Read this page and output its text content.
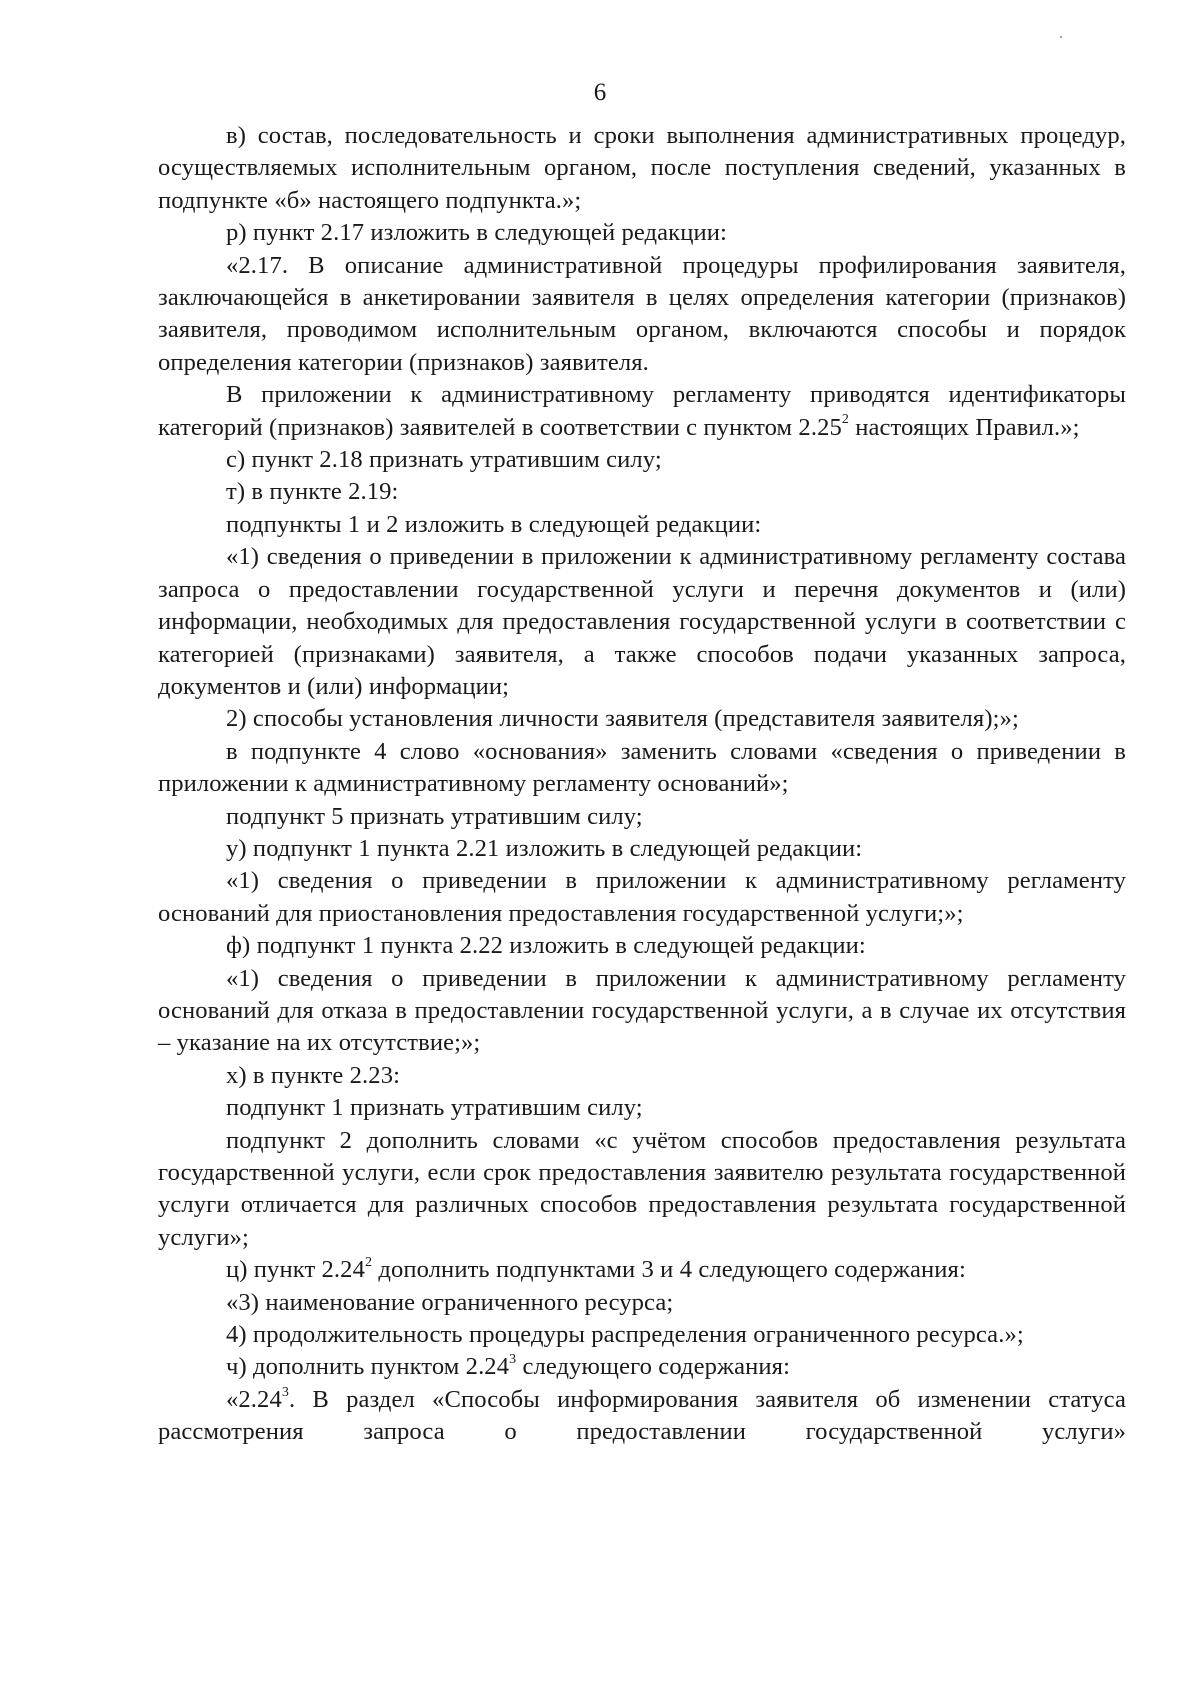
6

в) состав, последовательность и сроки выполнения административных процедур, осуществляемых исполнительным органом, после поступления сведений, указанных в подпункте «б» настоящего подпункта.»;

р) пункт 2.17 изложить в следующей редакции:

«2.17. В описание административной процедуры профилирования заявителя, заключающейся в анкетировании заявителя в целях определения категории (признаков) заявителя, проводимом исполнительным органом, включаются способы и порядок определения категории (признаков) заявителя.

В приложении к административному регламенту приводятся идентификаторы категорий (признаков) заявителей в соответствии с пунктом 2.25$^2$ настоящих Правил.»;

с) пункт 2.18 признать утратившим силу;

т) в пункте 2.19:

подпункты 1 и 2 изложить в следующей редакции:

«1) сведения о приведении в приложении к административному регламенту состава запроса о предоставлении государственной услуги и перечня документов и (или) информации, необходимых для предоставления государственной услуги в соответствии с категорией (признаками) заявителя, а также способов подачи указанных запроса, документов и (или) информации;

2) способы установления личности заявителя (представителя заявителя);»;

в подпункте 4 слово «основания» заменить словами «сведения о приведении в приложении к административному регламенту оснований»;

подпункт 5 признать утратившим силу;

у) подпункт 1 пункта 2.21 изложить в следующей редакции:

«1) сведения о приведении в приложении к административному регламенту оснований для приостановления предоставления государственной услуги;»;

ф) подпункт 1 пункта 2.22 изложить в следующей редакции:

«1) сведения о приведении в приложении к административному регламенту оснований для отказа в предоставлении государственной услуги, а в случае их отсутствия – указание на их отсутствие;»;

х) в пункте 2.23:

подпункт 1 признать утратившим силу;

подпункт 2 дополнить словами «с учётом способов предоставления результата государственной услуги, если срок предоставления заявителю результата государственной услуги отличается для различных способов предоставления результата государственной услуги»;

ц) пункт 2.24$^2$ дополнить подпунктами 3 и 4 следующего содержания:

«3) наименование ограниченного ресурса;

4) продолжительность процедуры распределения ограниченного ресурса.»;

ч) дополнить пунктом 2.24$^3$ следующего содержания:

«2.24$^3$. В раздел «Способы информирования заявителя об изменении статуса рассмотрения запроса о предоставлении государственной услуги»
